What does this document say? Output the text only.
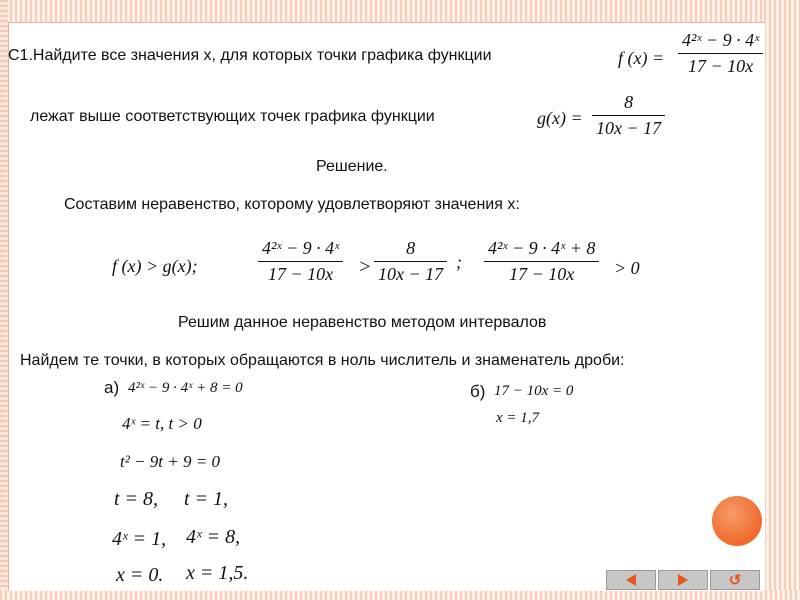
С1.Найдите все значения x, для которых точки графика функции	f $(x) = \frac{\text{4²ˣ − 9 · 4ˣ}}{17 - 10x}$
лежат выше соответствующих точек графика функции	$g(x) = \frac{8}{10x - 17}$
Решение.
Составим неравенство, которому удовлетворяют значения x:
f (x) > g(x);	$\frac{\text{4²ˣ − 9 · 4ˣ}}{17 - 10x} > \frac{8}{10x - 17}$ ; $\frac{\text{4²ˣ − 9 · 4ˣ + 8}}{17 - 10x} > 0$
Решим данное неравенство методом интервалов
Найдем те точки, в которых обращаются в ноль числитель и знаменатель дроби:
а) 4²ˣ − 9 · 4ˣ + 8 = 0
4ˣ = t, t > 0
t² − 9t + 9 = 0
t = 8, t = 1,
4ˣ = 1, 4ˣ = 8,
x = 0. x = 1,5.
б) 17 − 10x = 0
x = 1,7
↺
